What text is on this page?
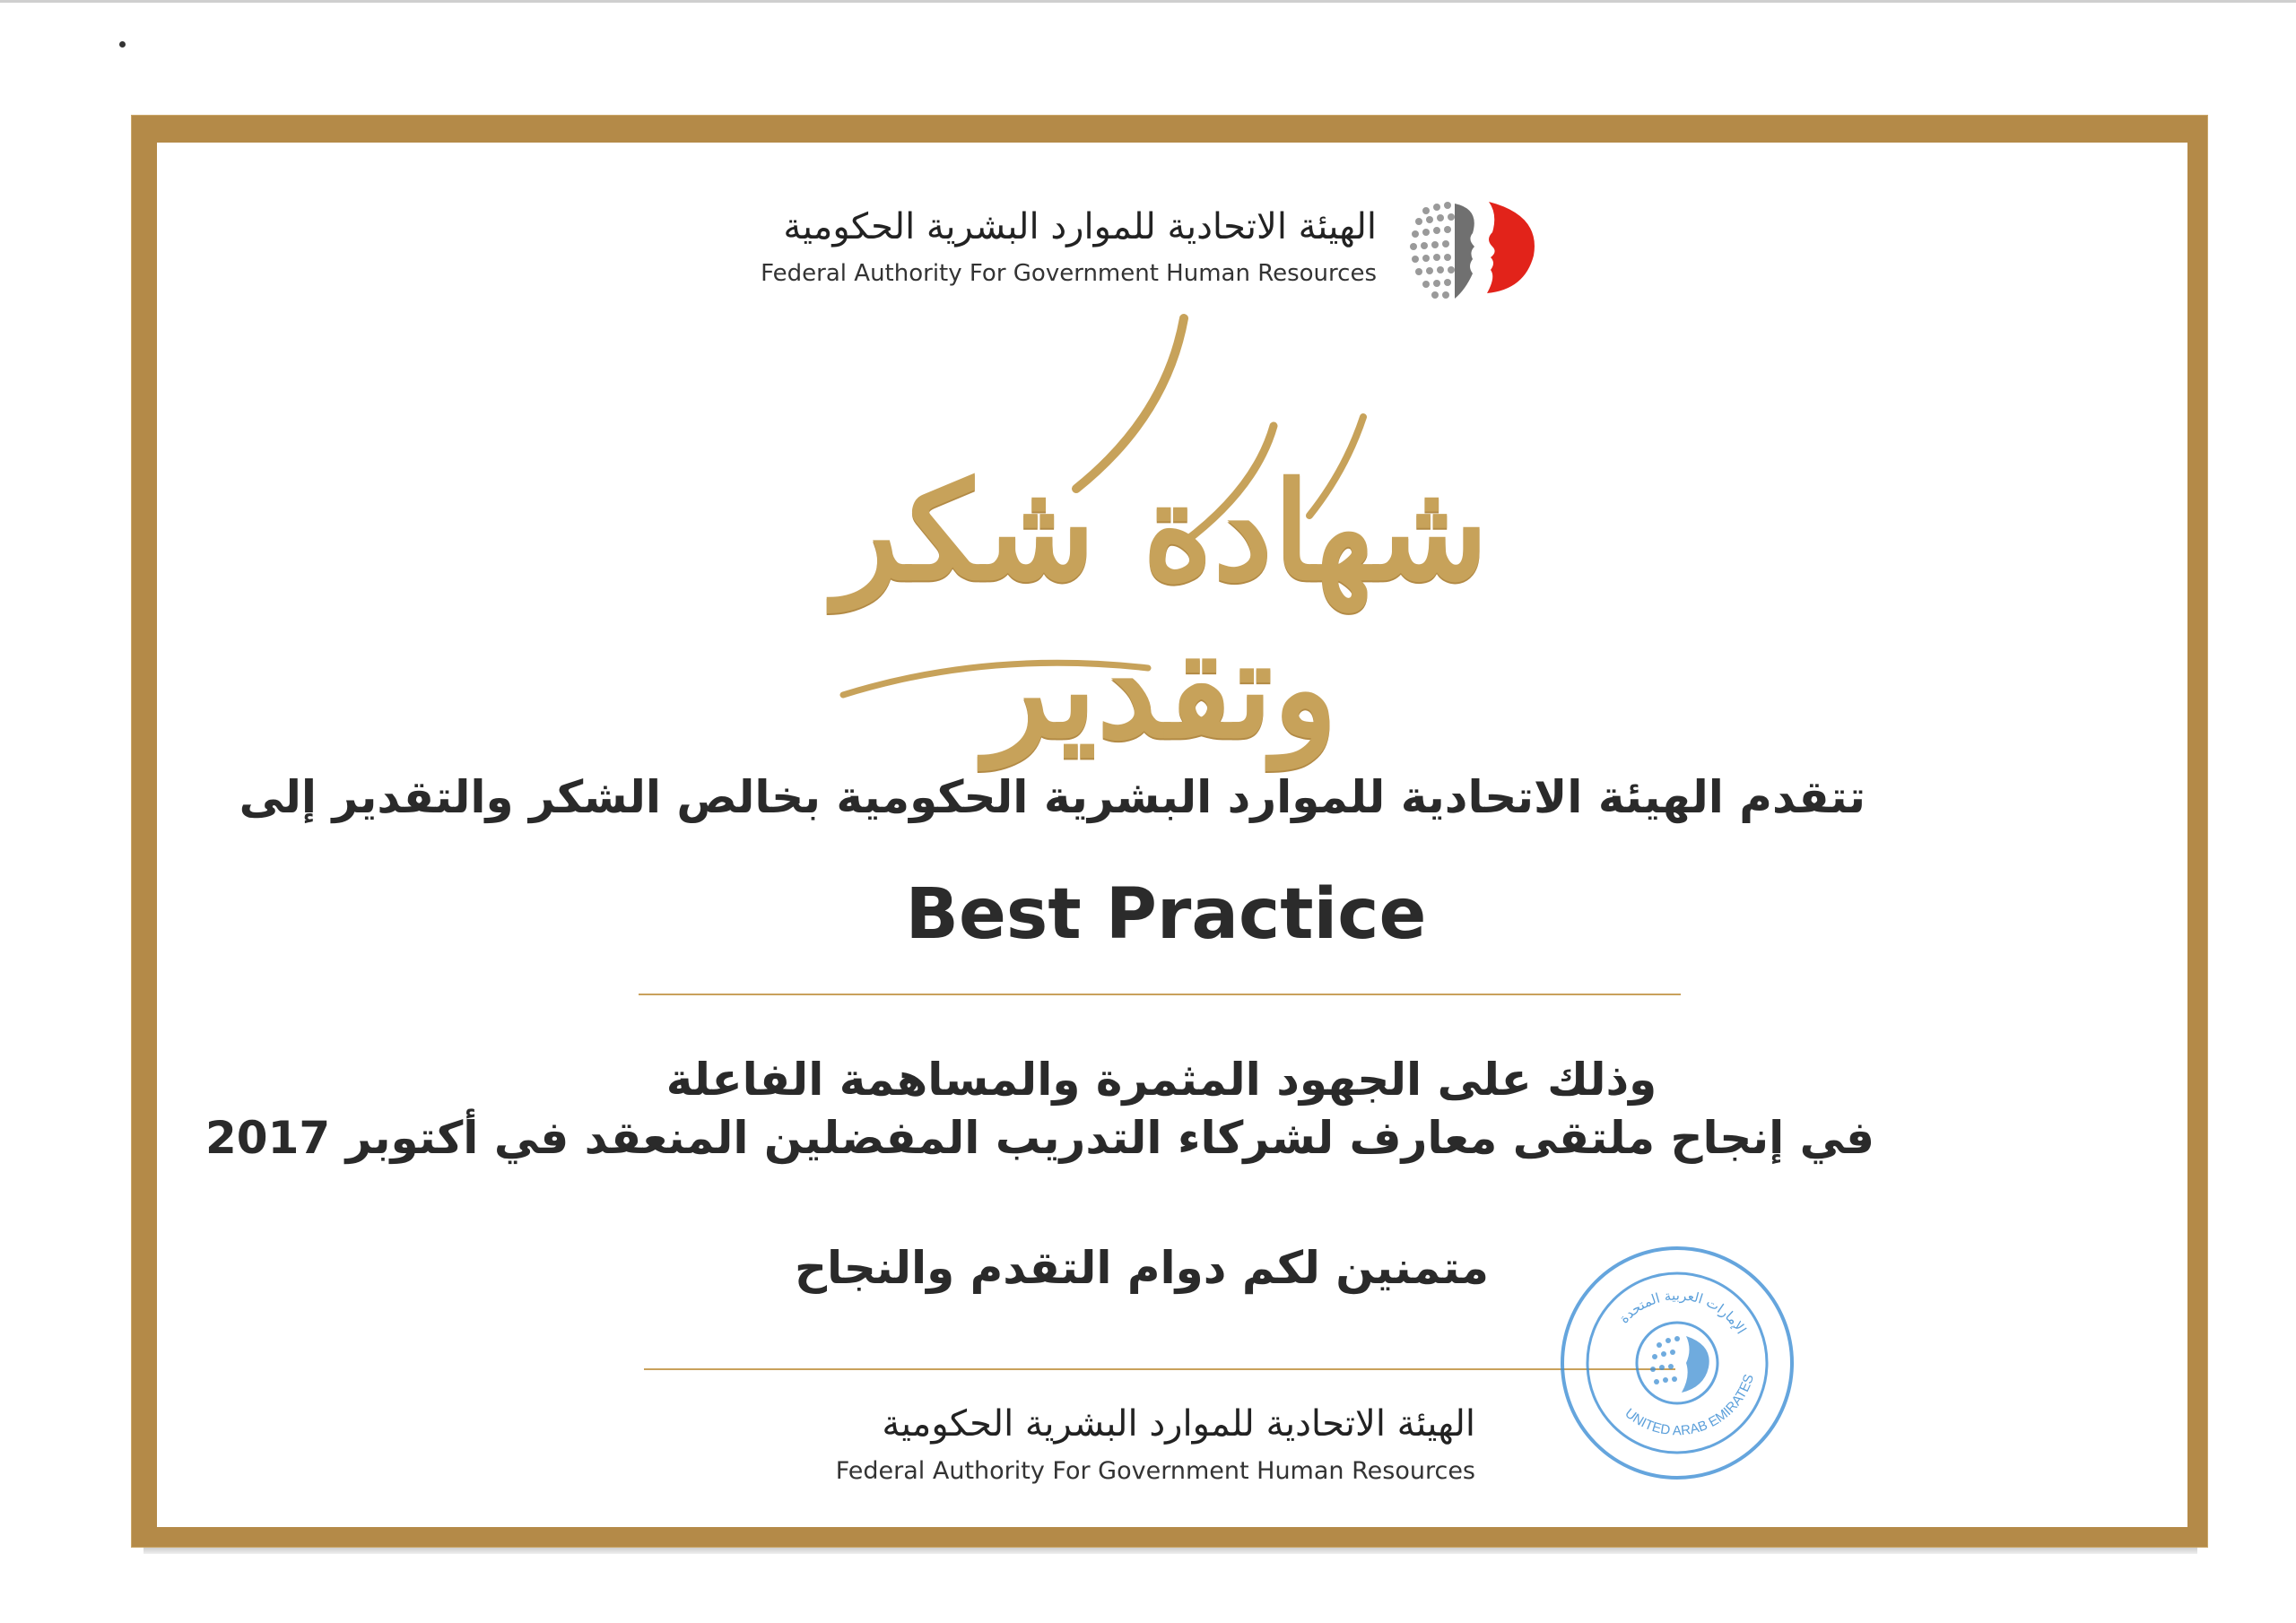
الهيئة الاتحادية للموارد البشرية الحكومية
Federal Authority For Government Human Resources
شهادة شكر وتقدير
تتقدم الهيئة الاتحادية للموارد البشرية الحكومية بخالص الشكر والتقدير إلى
Best Practice
وذلك على الجهود المثمرة والمساهمة الفاعلة
في إنجاح ملتقى معارف لشركاء التدريب المفضلين المنعقد في أكتوبر 2017
متمنين لكم دوام التقدم والنجاح
الهيئة الاتحادية للموارد البشرية الحكومية
Federal Authority For Government Human Resources
UNITED ARAB EMIRATES
الإمارات العربية المتحدة
